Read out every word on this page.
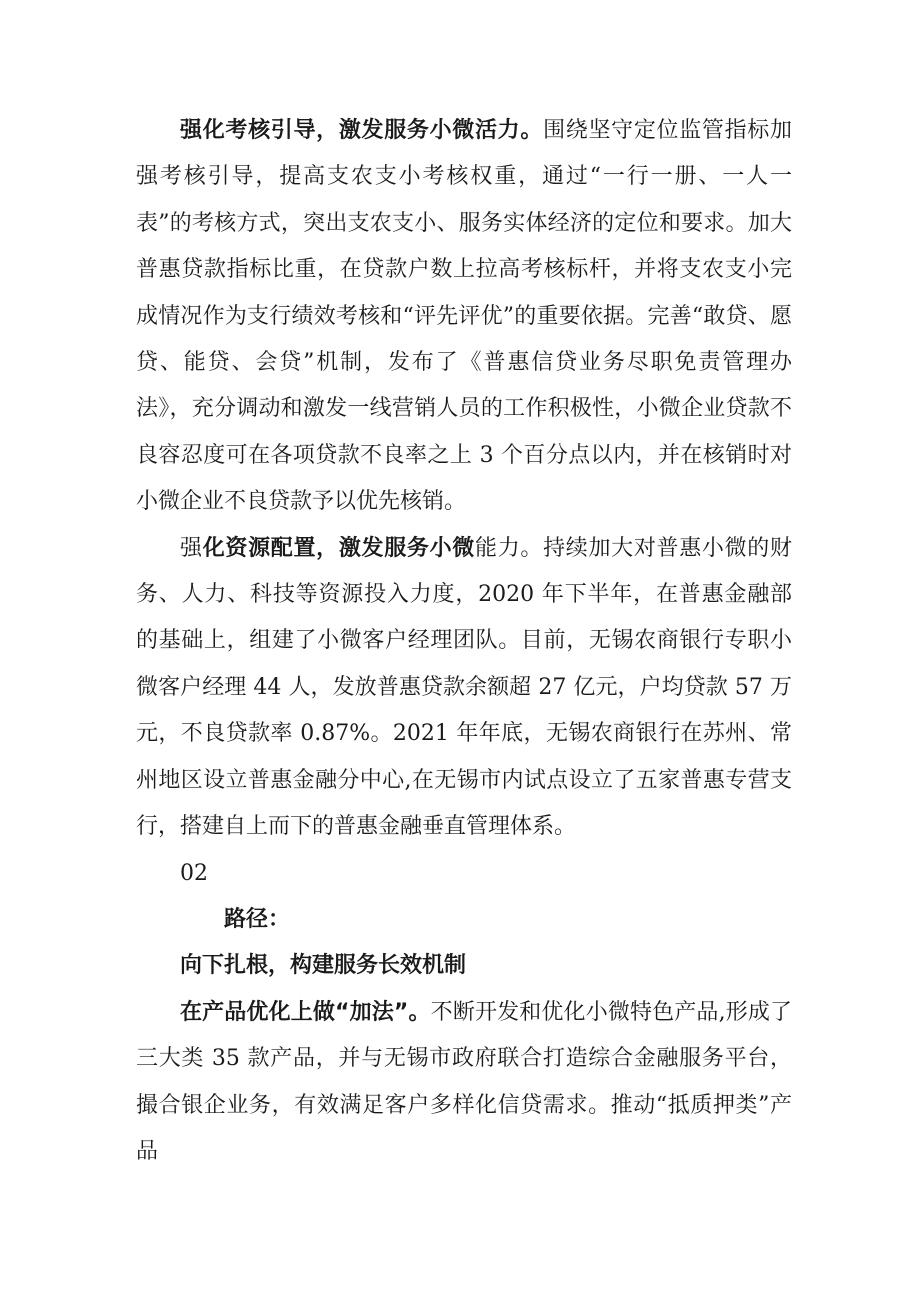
强化考核引导，激发服务小微活力。围绕坚守定位监管指标加强考核引导，提高支农支小考核权重，通过“一行一册、一人一表”的考核方式，突出支农支小、服务实体经济的定位和要求。加大普惠贷款指标比重，在贷款户数上拉高考核标杆，并将支农支小完成情况作为支行绩效考核和“评先评优”的重要依据。完善“敢贷、愿贷、能贷、会贷”机制，发布了《普惠信贷业务尽职免责管理办法》，充分调动和激发一线营销人员的工作积极性，小微企业贷款不良容忍度可在各项贷款不良率之上 3 个百分点以内，并在核销时对小微企业不良贷款予以优先核销。

强化资源配置，激发服务小微能力。持续加大对普惠小微的财务、人力、科技等资源投入力度，2020 年下半年，在普惠金融部的基础上，组建了小微客户经理团队。目前，无锡农商银行专职小微客户经理 44 人，发放普惠贷款余额超 27 亿元，户均贷款 57 万元，不良贷款率 0.87%。2021 年年底，无锡农商银行在苏州、常州地区设立普惠金融分中心,在无锡市内试点设立了五家普惠专营支行，搭建自上而下的普惠金融垂直管理体系。

02

路径：

向下扎根，构建服务长效机制

在产品优化上做“加法”。不断开发和优化小微特色产品,形成了三大类 35 款产品，并与无锡市政府联合打造综合金融服务平台，撮合银企业务，有效满足客户多样化信贷需求。推动“抵质押类”产品
